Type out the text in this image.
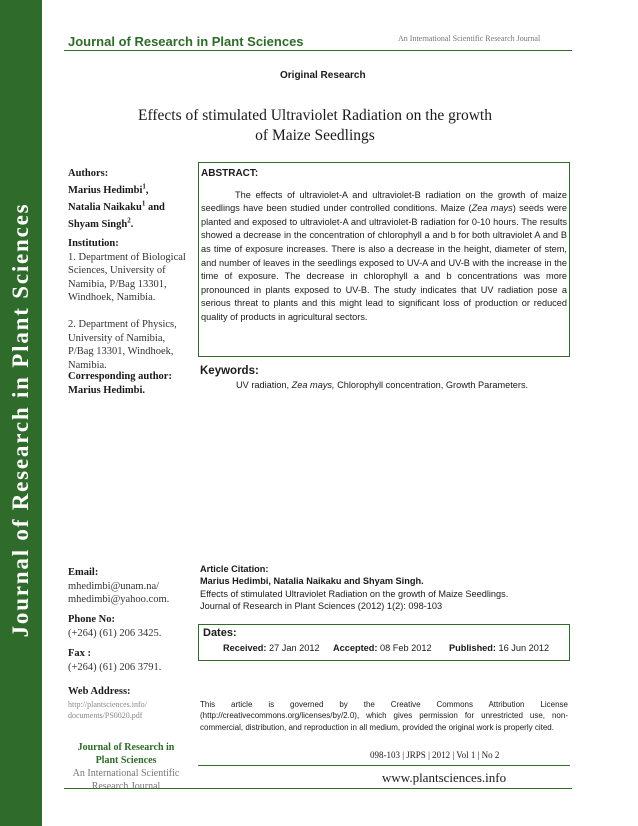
Journal of Research in Plant Sciences
Journal of Research in Plant Sciences	An International Scientific Research Journal
Original Research
Effects of stimulated Ultraviolet Radiation on the growth of Maize Seedlings
Authors:
Marius Hedimbi$^1$,
Natalia Naikaku$^1$ and
Shyam Singh$^2$.
Institution:
1. Department of Biological Sciences, University of Namibia, P/Bag 13301, Windhoek, Namibia.
2. Department of Physics, University of Namibia, P/Bag 13301, Windhoek, Namibia.
Corresponding author:
Marius Hedimbi.
ABSTRACT:
The effects of ultraviolet-A and ultraviolet-B radiation on the growth of maize seedlings have been studied under controlled conditions. Maize (Zea mays) seeds were planted and exposed to ultraviolet-A and ultraviolet-B radiation for 0-10 hours. The results showed a decrease in the concentration of chlorophyll a and b for both ultraviolet A and B as time of exposure increases. There is also a decrease in the height, diameter of stem, and number of leaves in the seedlings exposed to UV-A and UV-B with the increase in the time of exposure. The decrease in chlorophyll a and b concentrations was more pronounced in plants exposed to UV-B. The study indicates that UV radiation pose a serious threat to plants and this might lead to significant loss of production or reduced quality of products in agricultural sectors.
Keywords:
UV radiation, Zea mays, Chlorophyll concentration, Growth Parameters.
Email:
mhedimbi@unam.na/
mhedimbi@yahoo.com.
Phone No:
(+264) (61) 206 3425.
Fax :
(+264) (61) 206 3791.
Web Address:

http://plantsciences.info/
documents/PS0020.pdf
Article Citation:
Marius Hedimbi, Natalia Naikaku and Shyam Singh.
Effects of stimulated Ultraviolet Radiation on the growth of Maize Seedlings.
Journal of Research in Plant Sciences (2012) 1(2): 098-103
Dates:
Received: 27 Jan 2012 Accepted: 08 Feb 2012 Published: 16 Jun 2012
This article is governed by the Creative Commons Attribution License (http://creativecommons.org/licenses/by/2.0), which gives permission for unrestricted use, non-commercial, distribution, and reproduction in all medium, provided the original work is properly cited.
Journal of Research in
Plant Sciences
An International Scientific
Research Journal
098-103 | JRPS | 2012 | Vol 1 | No 2
www.plantsciences.info
